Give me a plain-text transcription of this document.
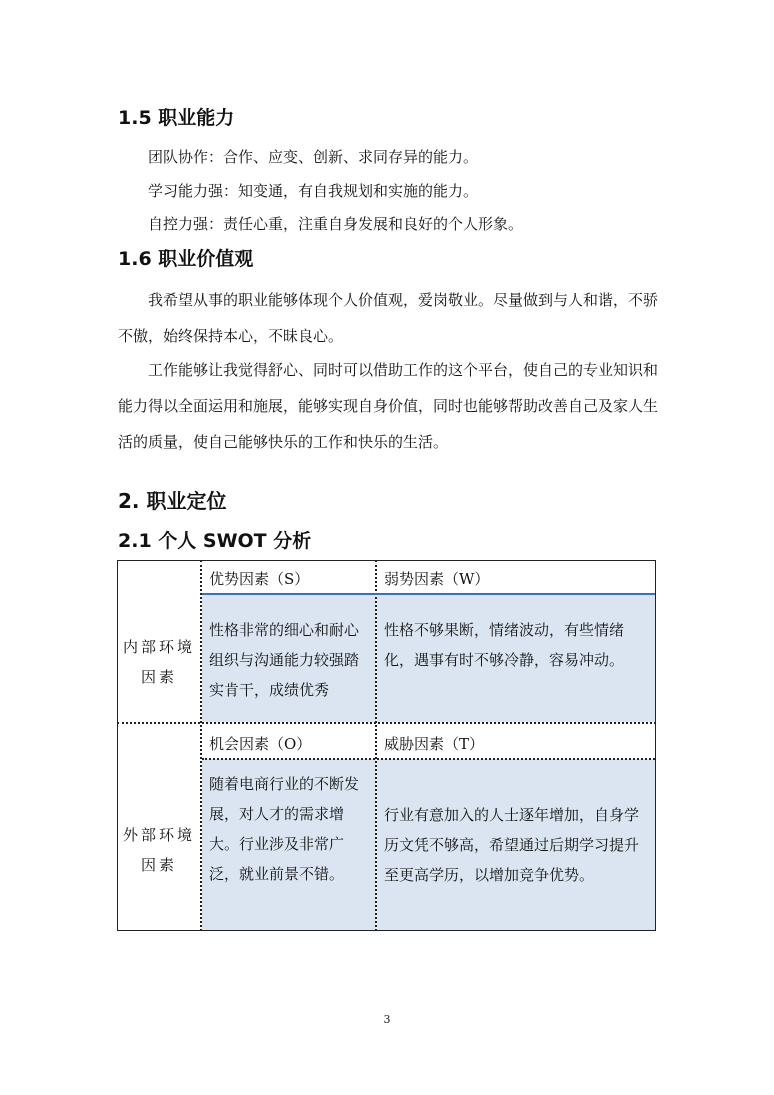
1.5 职业能力

团队协作：合作、应变、创新、求同存异的能力。

学习能力强：知变通，有自我规划和实施的能力。

自控力强：责任心重，注重自身发展和良好的个人形象。

1.6 职业价值观

我希望从事的职业能够体现个人价值观，爱岗敬业。尽量做到与人和谐，不骄不傲，始终保持本心，不昧良心。

工作能够让我觉得舒心、同时可以借助工作的这个平台，使自己的专业知识和能力得以全面运用和施展，能够实现自身价值，同时也能够帮助改善自己及家人生活的质量，使自己能够快乐的工作和快乐的生活。

2. 职业定位
2.1 个人 SWOT 分析
内部环境因素
外部环境因素
优势因素（S）	弱势因素（W）
机会因素（O）	威胁因素（T）
性格非常的细心和耐心组织与沟通能力较强踏实肯干，成绩优秀
性格不够果断，情绪波动，有些情绪化，遇事有时不够冷静，容易冲动。
随着电商行业的不断发展，对人才的需求增大。行业涉及非常广泛，就业前景不错。
行业有意加入的人士逐年增加，自身学历文凭不够高，希望通过后期学习提升至更高学历，以增加竞争优势。
3
